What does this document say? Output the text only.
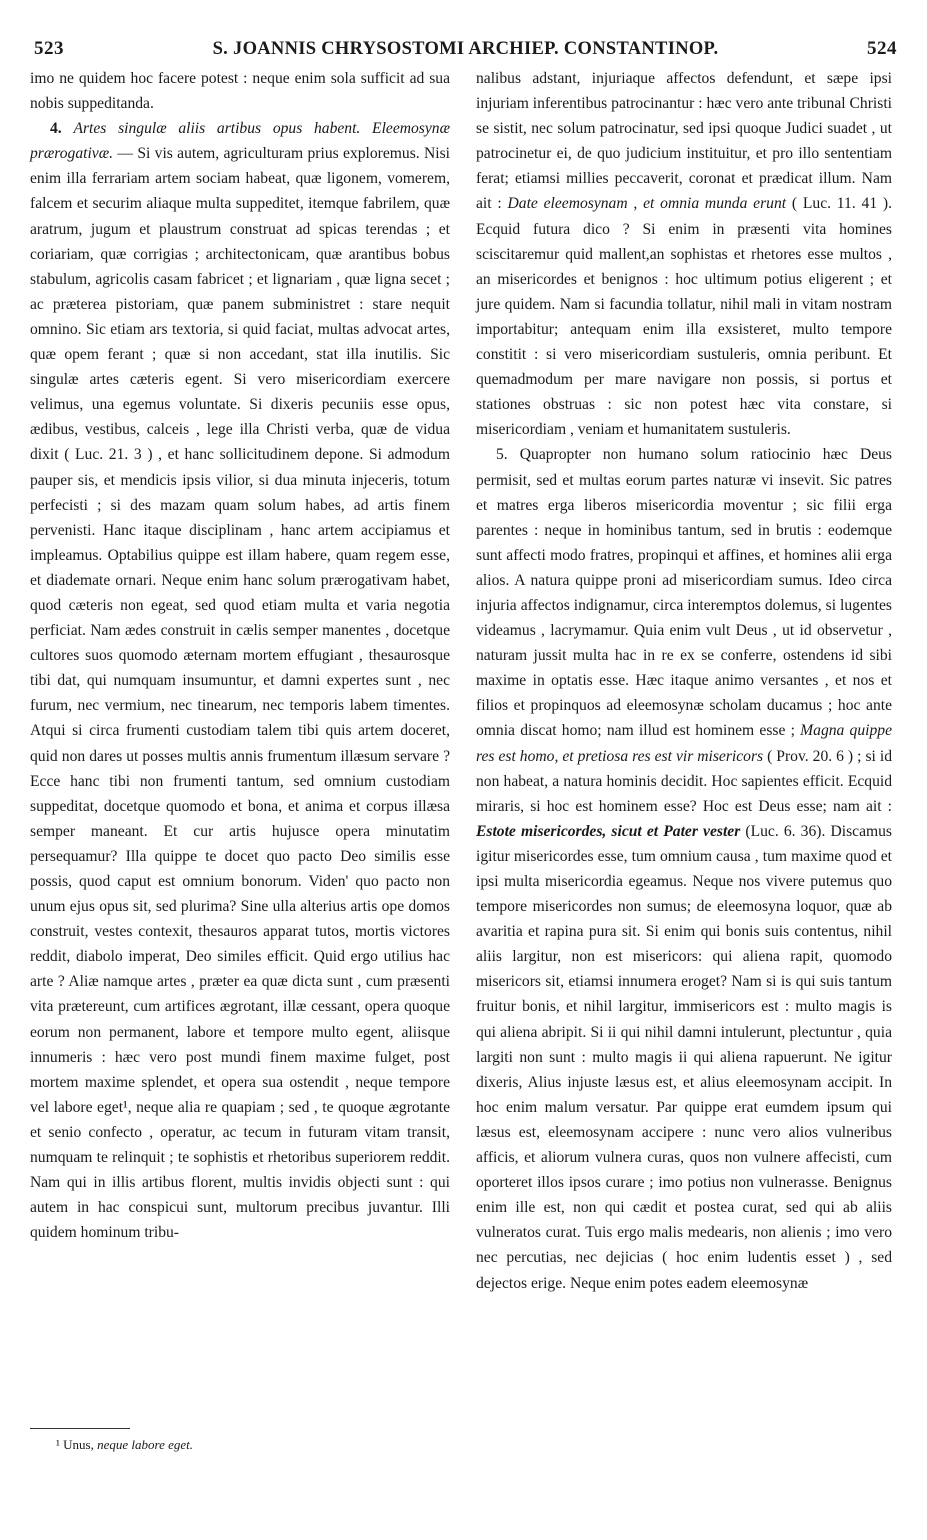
523	S. JOANNIS CHRYSOSTOMI ARCHIEP. CONSTANTINOP.	524

imo ne quidem hoc facere potest : neque enim sola sufficit ad sua nobis suppeditanda.

4. Artes singulæ aliis artibus opus habent. Eleemosynæ prærogativæ. — Si vis autem, agriculturam prius exploremus. Nisi enim illa ferrariam artem sociam habeat, quæ ligonem, vomerem, falcem et securim aliaque multa suppeditet, itemque fabrilem, quæ aratrum, jugum et plaustrum construat ad spicas terendas ; et coriariam, quæ corrigias ; architectonicam, quæ arantibus bobus stabulum, agricolis casam fabricet ; et lignariam , quæ ligna secet ; ac præterea pistoriam, quæ panem subministret : stare nequit omnino. Sic etiam ars textoria, si quid faciat, multas advocat artes, quæ opem ferant ; quæ si non accedant, stat illa inutilis. Sic singulæ artes cæteris egent. Si vero misericordiam exercere velimus, una egemus voluntate. Si dixeris pecuniis esse opus, ædibus, vestibus, calceis , lege illa Christi verba, quæ de vidua dixit ( Luc. 21. 3 ) , et hanc sollicitudinem depone. Si admodum pauper sis, et mendicis ipsis vilior, si dua minuta injeceris, totum perfecisti ; si des mazam quam solum habes, ad artis finem pervenisti. Hanc itaque disciplinam , hanc artem accipiamus et impleamus. Optabilius quippe est illam habere, quam regem esse, et diademate ornari. Neque enim hanc solum prærogativam habet, quod cæteris non egeat, sed quod etiam multa et varia negotia perficiat. Nam ædes construit in cælis semper manentes , docetque cultores suos quomodo æternam mortem effugiant , thesaurosque tibi dat, qui numquam insumuntur, et damni expertes sunt , nec furum, nec vermium, nec tinearum, nec temporis labem timentes. Atqui si circa frumenti custodiam talem tibi quis artem doceret, quid non dares ut posses multis annis frumentum illæsum servare ? Ecce hanc tibi non frumenti tantum, sed omnium custodiam suppeditat, docetque quomodo et bona, et anima et corpus illæsa semper maneant. Et cur artis hujusce opera minutatim persequamur? Illa quippe te docet quo pacto Deo similis esse possis, quod caput est omnium bonorum. Viden' quo pacto non unum ejus opus sit, sed plurima? Sine ulla alterius artis ope domos construit, vestes contexit, thesauros apparat tutos, mortis victores reddit, diabolo imperat, Deo similes efficit. Quid ergo utilius hac arte ? Aliæ namque artes , præter ea quæ dicta sunt , cum præsenti vita prætereunt, cum artifices ægrotant, illæ cessant, opera quoque eorum non permanent, labore et tempore multo egent, aliisque innumeris : hæc vero post mundi finem maxime fulget, post mortem maxime splendet, et opera sua ostendit , neque tempore vel labore eget¹, neque alia re quapiam ; sed , te quoque ægrotante et senio confecto , operatur, ac tecum in futuram vitam transit, numquam te relinquit ; te sophistis et rhetoribus superiorem reddit. Nam qui in illis artibus florent, multis invidis objecti sunt : qui autem in hac conspicui sunt, multorum precibus juvantur. Illi quidem hominum tribu-

nalibus adstant, injuriaque affectos defendunt, et sæpe ipsi injuriam inferentibus patrocinantur : hæc vero ante tribunal Christi se sistit, nec solum patrocinatur, sed ipsi quoque Judici suadet , ut patrocinetur ei, de quo judicium instituitur, et pro illo sententiam ferat; etiamsi millies peccaverit, coronat et prædicat illum. Nam ait : Date eleemosynam , et omnia munda erunt ( Luc. 11. 41 ). Ecquid futura dico ? Si enim in præsenti vita homines sciscitaremur quid mallent,an sophistas et rhetores esse multos , an misericordes et benignos : hoc ultimum potius eligerent ; et jure quidem. Nam si facundia tollatur, nihil mali in vitam nostram importabitur; antequam enim illa exsisteret, multo tempore constitit : si vero misericordiam sustuleris, omnia peribunt. Et quemadmodum per mare navigare non possis, si portus et stationes obstruas : sic non potest hæc vita constare, si misericordiam , veniam et humanitatem sustuleris.

5. Quapropter non humano solum ratiocinio hæc Deus permisit, sed et multas eorum partes naturæ vi insevit. Sic patres et matres erga liberos misericordia moventur ; sic filii erga parentes : neque in hominibus tantum, sed in brutis : eodemque sunt affecti modo fratres, propinqui et affines, et homines alii erga alios. A natura quippe proni ad misericordiam sumus. Ideo circa injuria affectos indignamur, circa interemptos dolemus, si lugentes videamus , lacrymamur. Quia enim vult Deus , ut id observetur , naturam jussit multa hac in re ex se conferre, ostendens id sibi maxime in optatis esse. Hæc itaque animo versantes , et nos et filios et propinquos ad eleemosynæ scholam ducamus ; hoc ante omnia discat homo; nam illud est hominem esse ; Magna quippe res est homo, et pretiosa res est vir misericors ( Prov. 20. 6 ) ; si id non habeat, a natura hominis decidit. Hoc sapientes efficit. Ecquid miraris, si hoc est hominem esse? Hoc est Deus esse; nam ait : Estote misericordes, sicut et Pater vester (Luc. 6. 36). Discamus igitur misericordes esse, tum omnium causa , tum maxime quod et ipsi multa misericordia egeamus. Neque nos vivere putemus quo tempore misericordes non sumus; de eleemosyna loquor, quæ ab avaritia et rapina pura sit. Si enim qui bonis suis contentus, nihil aliis largitur, non est misericors: qui aliena rapit, quomodo misericors sit, etiamsi innumera eroget? Nam si is qui suis tantum fruitur bonis, et nihil largitur, immisericors est : multo magis is qui aliena abripit. Si ii qui nihil damni intulerunt, plectuntur , quia largiti non sunt : multo magis ii qui aliena rapuerunt. Ne igitur dixeris, Alius injuste læsus est, et alius eleemosynam accipit. In hoc enim malum versatur. Par quippe erat eumdem ipsum qui læsus est, eleemosynam accipere : nunc vero alios vulneribus afficis, et aliorum vulnera curas, quos non vulnere affecisti, cum oporteret illos ipsos curare ; imo potius non vulnerasse. Benignus enim ille est, non qui cædit et postea curat, sed qui ab aliis vulneratos curat. Tuis ergo malis medearis, non alienis ; imo vero nec percutias, nec dejicias ( hoc enim ludentis esset ) , sed dejectos erige. Neque enim potes eadem eleemosynæ

¹ Unus, neque labore eget.
